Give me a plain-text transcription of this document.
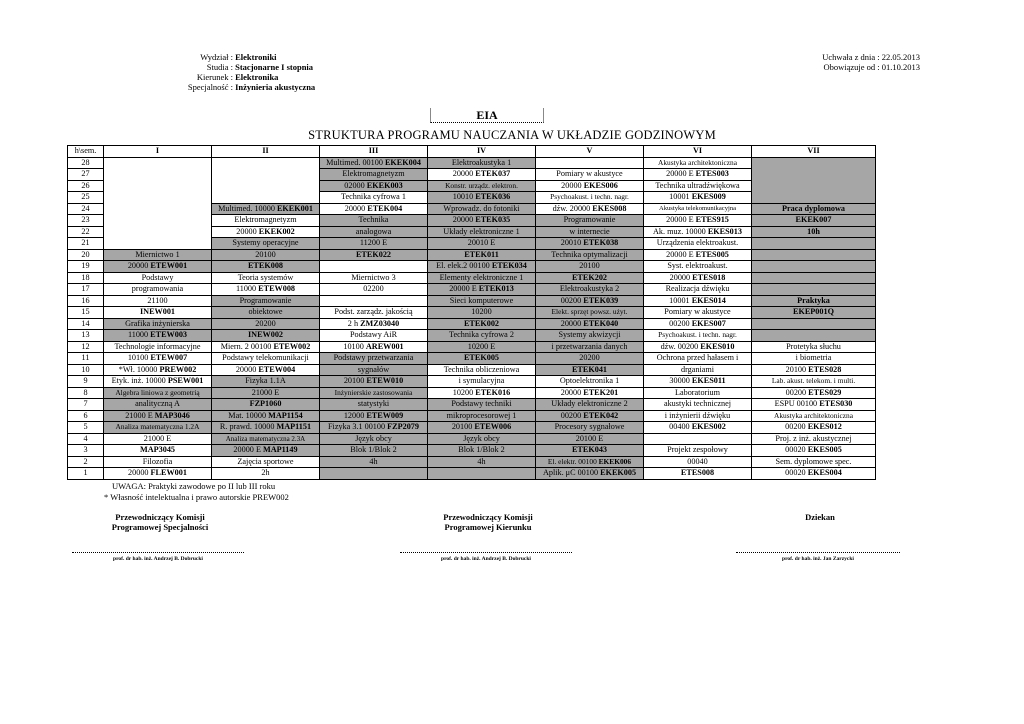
Wydział :
Elektroniki
Studia :
Stacjonarne I stopnia
Kierunek :
Elektronika
Specjalność :
Inżynieria akustyczna
Uchwała z dnia : 22.05.2013
Obowiązuje od : 01.10.2013
EIA
STRUKTURA PROGRAMU NAUCZANIA W UKŁADZIE GODZINOWYM
h\sem.	I	II	III	IV	V	VI	VII
28			Multimed. 00100 EKEK004	Elektroakustyka 1		Akustyka architektoniczna	
27			Elektromagnetyzm	20000 ETEK037	Pomiary w akustyce	20000 E ETES003	
26			02000 EKEK003	Konstr. urządz. elektron.	20000 EKES006	Technika ultradźwiękowa	
25			Technika cyfrowa 1	10010 ETEK036	Psychoakust. i techn. nagr.	10001 EKES009	
24		Multimed. 10000 EKEK001	20000 ETEK004	Wprowadz. do fotoniki	dźw. 20000 EKES008	Akustyka telekomunikacyjna	Praca dyplomowa
23		Elektromagnetyzm	Technika	20000 ETEK035	Programowanie	20000 E ETES915	EKEK007
22		20000 EKEK002	analogowa	Układy elektroniczne 1	w internecie	Ak. muz. 10000 EKES013	10h
21		Systemy operacyjne	11200 E	20010 E	20010 ETEK038	Urządzenia elektroakust.	
20	Miernictwo 1	20100	ETEK022	ETEK011	Technika optymalizacji	20000 E ETES005	
19	20000 ETEW001	ETEK008		El. elek.2 00100 ETEK034	20100	Syst. elektroakust.	
18	Podstawy	Teoria systemów	Miernictwo 3	Elementy elektroniczne 1	ETEK202	20000 ETES018	
17	programowania	11000 ETEW008	02200	20000 E ETEK013	Elektroakustyka 2	Realizacja dźwięku	
16	21100	Programowanie		Sieci komputerowe	00200 ETEK039	10001 EKES014	Praktyka
15	INEW001	obiektowe	Podst. zarządz. jakością	10200	Elekt. sprzęt powsz. użyt.	Pomiary w akustyce	EKEP001Q
14	Grafika inżynierska	20200	2 h ZMZ03040	ETEK002	20000 ETEK040	00200 EKES007	
13	11000 ETEW003	INEW002	Podstawy AiR	Technika cyfrowa 2	Systemy akwizycji	Psychoakust. i techn. nagr.	
12	Technologie informacyjne	Miern. 2 00100 ETEW002	10100 AREW001	10200 E	i przetwarzania danych	dźw. 00200 EKES010	Protetyka słuchu
11	10100 ETEW007	Podstawy telekomunikacji	Podstawy przetwarzania	ETEK005	20200	Ochrona przed hałasem i	i biometria
10	*Wł. 10000 PREW002	20000 ETEW004	sygnałów	Technika obliczeniowa	ETEK041	drganiami	20100 ETES028
9	Etyk. inż. 10000 PSEW001	Fizyka 1.1A	20100 ETEW010	i symulacyjna	Optoelektronika 1	30000 EKES011	Lab. akust. telekom. i multi.
8	Algebra liniowa z geometrią	21000 E	Inżynierskie zastosowania	10200 ETEK016	20000 ETEK201	Laboratorium	00200 ETES029
7	analityczną A	FZP1060	statystyki	Podstawy techniki	Układy elektroniczne 2	akustyki technicznej	ESPU 00100 ETES030
6	21000 E MAP3046	Mat. 10000 MAP1154	12000 ETEW009	mikroprocesorowej 1	00200 ETEK042	i inżynierii dźwięku	Akustyka architektoniczna
5	Analiza matematyczna 1.2A	R. prawd. 10000 MAP1151	Fizyka 3.1 00100 FZP2079	20100 ETEW006	Procesory sygnałowe	00400 EKES002	00200 EKES012
4	21000 E	Analiza matematyczna 2.3A	Język obcy	Język obcy	20100 E		Proj. z inż. akustycznej
3	MAP3045	20000 E MAP1149	Blok 1/Blok 2	Blok 1/Blok 2	ETEK043	Projekt zespołowy	00020 EKES005
2	Filozofia	Zajęcia sportowe	4h	4h	El. elektr. 00100 EKEK006	00040	Sem. dyplomowe spec.
1	20000 FLEW001	2h			Aplik. μC 00100 EKEK005	ETES008	00020 EKES004
UWAGA: Praktyki zawodowe po II lub III roku
* Własność intelektualna i prawo autorskie PREW002
Przewodniczący Komisji
Programowej Specjalności
Przewodniczący Komisji
Programowej Kierunku
Dziekan
prof. dr hab. inż. Andrzej B. Dobrucki	prof. dr hab. inż. Andrzej B. Dobrucki	prof. dr hab. inż. Jan Zarzycki
